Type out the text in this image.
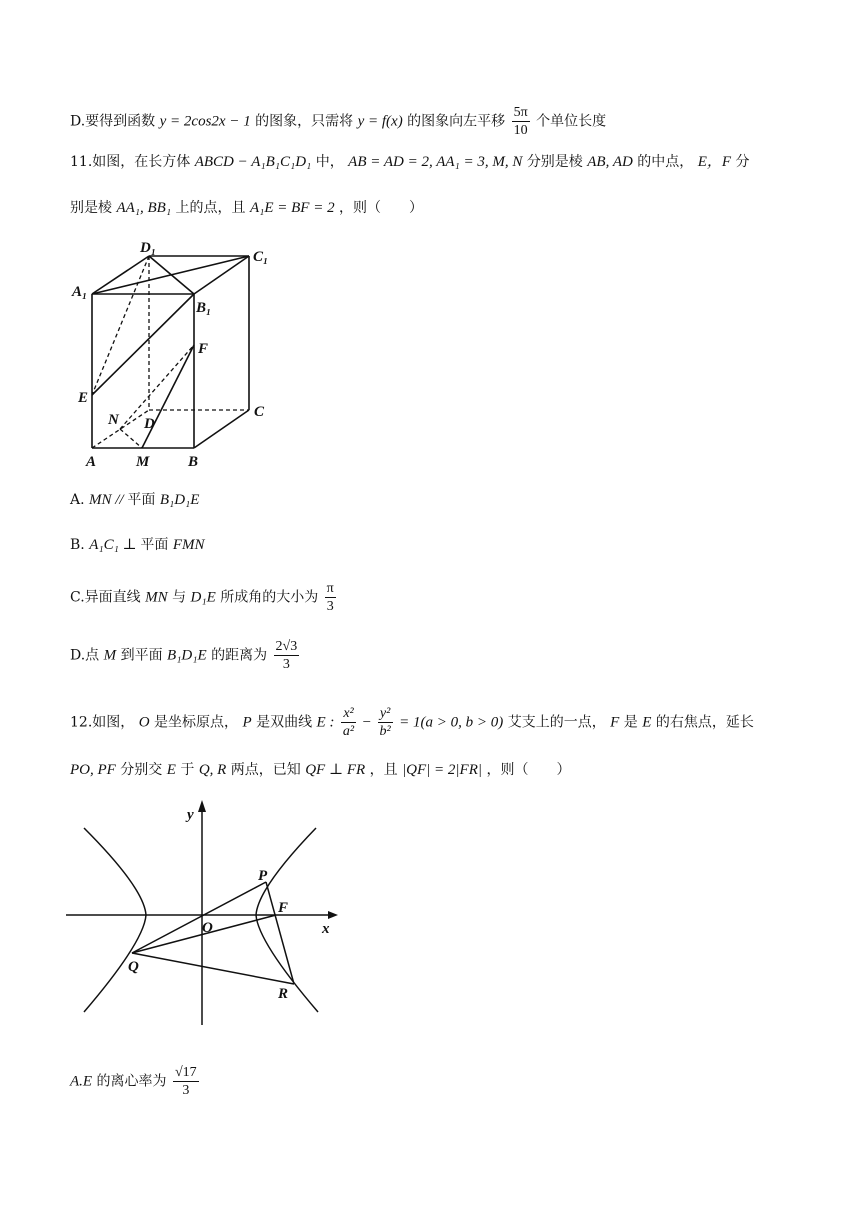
D.要得到函数 y = 2cos2x − 1 的图象，只需将 y = f(x) 的图象向左平移 $\frac{5\pi}{10}$ 个单位长度
11.如图，在长方体 ABCD − A₁B₁C₁D₁ 中， AB = AD = 2, AA₁ = 3, M, N 分别是棱 AB, AD 的中点， E，F 分
别是棱 AA₁, BB₁ 上的点，且 A₁E = BF = 2 ，则（　　）
D₁
C₁
A₁
B₁
F
E
N D
C
A	M	B
A. MN // 平面 B₁D₁E
B. A₁C₁ ⊥ 平面 FMN
C.异面直线 MN 与 D₁E 所成角的大小为 $\frac{\pi}{3}$
D.点 M 到平面 B₁D₁E 的距离为 $\frac{2√3}{3}$
12.如图， O 是坐标原点， P 是双曲线 E : $\frac{\text{x²}}{\text{a²}} - \frac{\text{y²}}{\text{b²}} = 1(a > 0$, b > 0) 艾支上的一点， F 是 E 的右焦点，延长
PO, PF 分别交 E 于 Q, R 两点，已知 QF ⊥ FR ，且 |QF| = 2|FR| ，则（　　）
y
x
P
F
O
Q
R
A.E 的离心率为 $\frac{√17}{3}$
